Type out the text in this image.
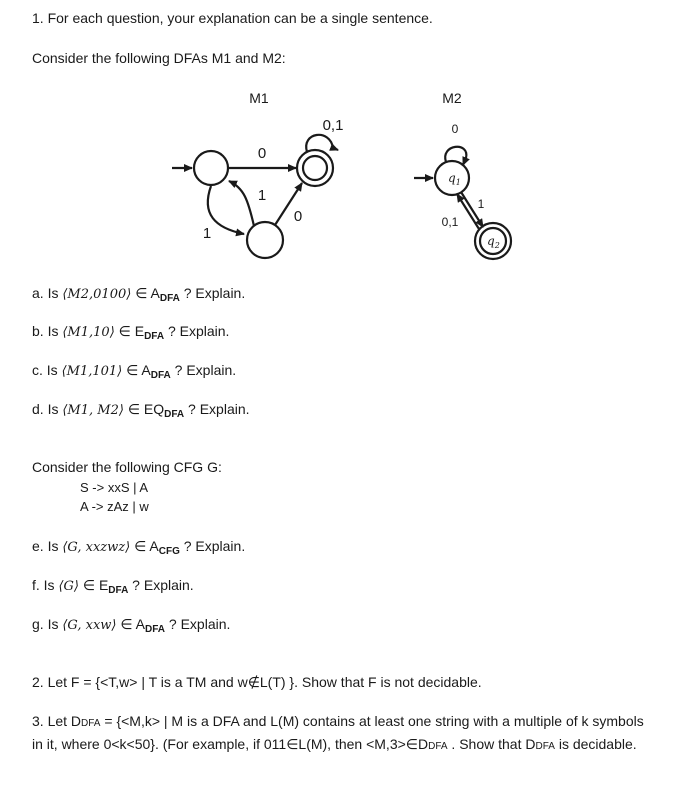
1. For each question, your explanation can be a single sentence.
Consider the following DFAs M1 and M2:
M1
0,1
0
1
0
1
M2
0
$q_1$
$q_2$
0,1
1
a. Is ⟨M2,0100⟩ ∈ $A_{DFA}$ ? Explain.
b. Is ⟨M1,10⟩ ∈ $E_{DFA}$ ? Explain.
c. Is ⟨M1,101⟩ ∈ $A_{DFA}$ ? Explain.
d. Is ⟨M1, M2⟩ ∈ $EQ_{DFA}$ ? Explain.
Consider the following CFG G:
S -> xxS | A
A -> zAz | w
e. Is ⟨G, xxzwz⟩ ∈ $A_{CFG}$ ? Explain.
f. Is ⟨G⟩ ∈ $E_{DFA}$ ? Explain.
g. Is ⟨G, xxw⟩ ∈ $A_{DFA}$ ? Explain.
2. Let F = {<T,w> | T is a TM and w∉L(T) }. Show that F is not decidable.
3. Let DDFA = {<M,k> | M is a DFA and L(M) contains at least one string with a multiple of k symbols in it, where 0<k<50}. (For example, if 011∈L(M), then <M,3>∈DDFA . Show that DDFA is decidable.
